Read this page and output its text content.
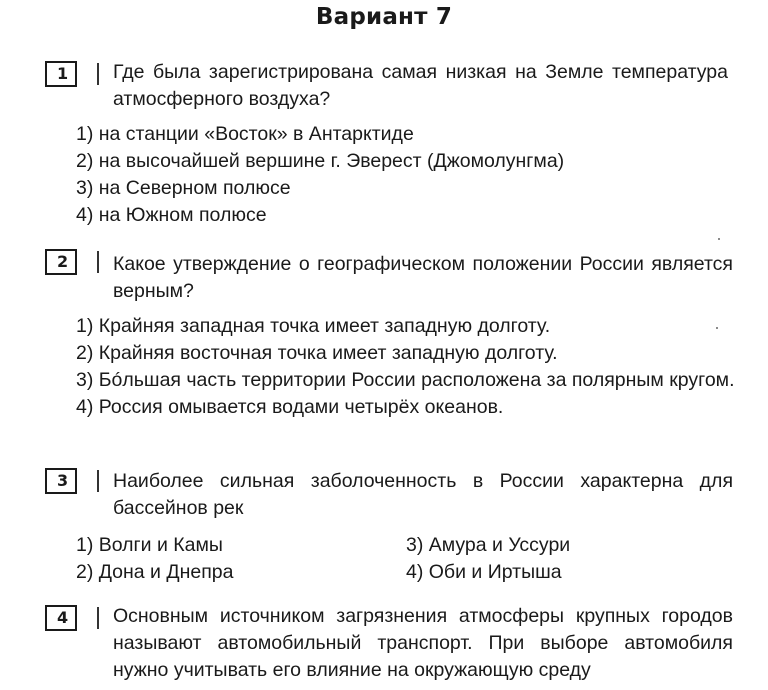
Вариант 7
1	Где была зарегистрирована самая низкая на Земле температура атмосферного воздуха?
1) на станции «Восток» в Антарктиде
2) на высочайшей вершине г. Эверест (Джомолунгма)
3) на Северном полюсе
4) на Южном полюсе
2	Какое утверждение о географическом положении России является верным?
1) Крайняя западная точка имеет западную долготу.
2) Крайняя восточная точка имеет западную долготу.
3) Бóльшая часть территории России расположена за полярным кругом.
4) Россия омывается водами четырёх океанов.
3	Наиболее сильная заболоченность в России характерна для бассейнов рек
1) Волги и Камы
2) Дона и Днепра
3) Амура и Уссури
4) Оби и Иртыша
4	Основным источником загрязнения атмосферы крупных городов называют автомобильный транспорт. При выборе автомобиля нужно учитывать его влияние на окружающую среду
